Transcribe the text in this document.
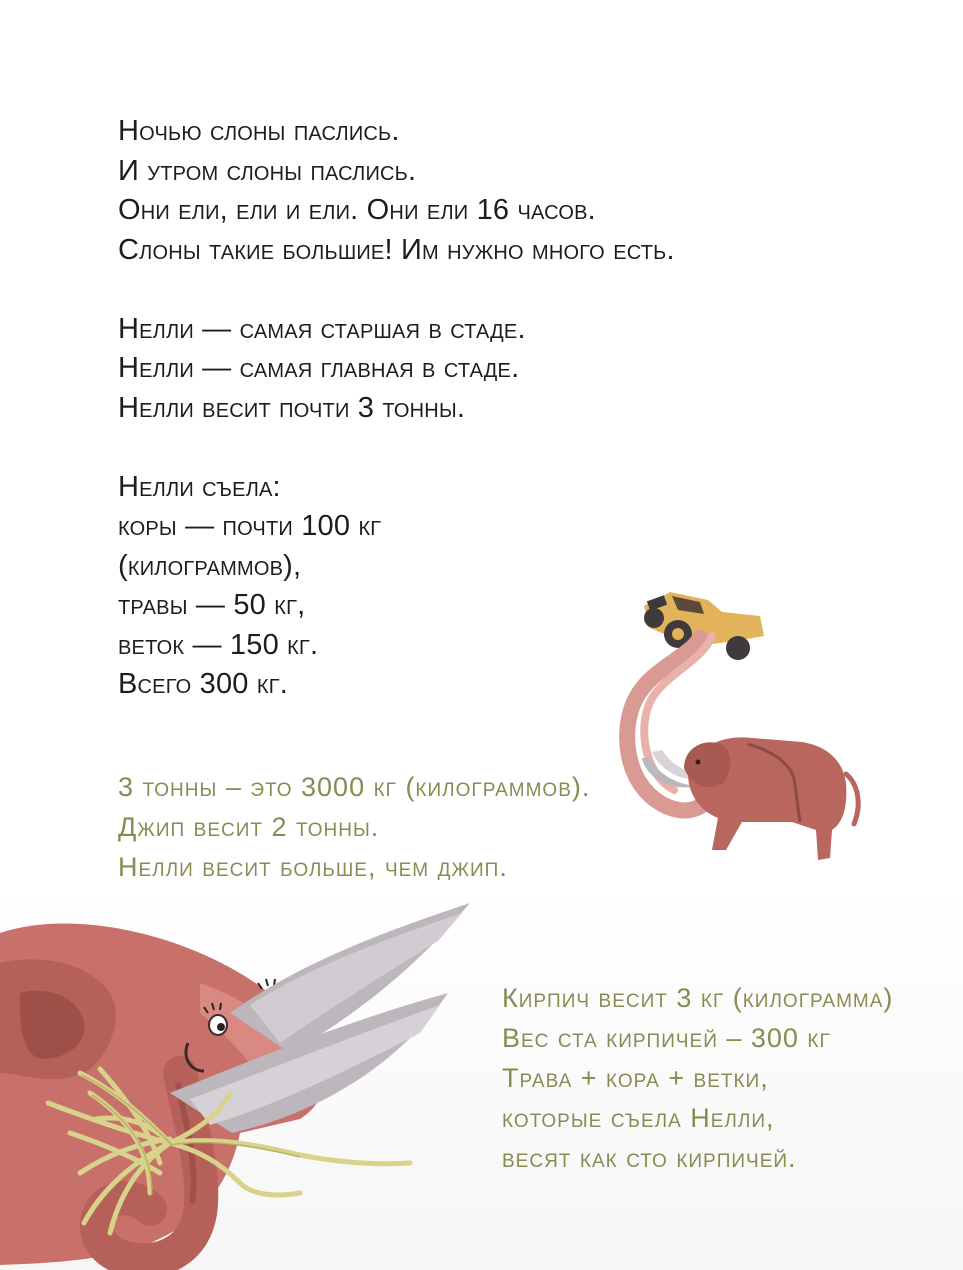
Ночью слоны паслись.
И утром слоны паслись.
Они ели, ели и ели. Они ели 16 часов.
Слоны такие большие! Им нужно много есть.
Нелли — самая старшая в стаде.
Нелли — самая главная в стаде.
Нелли весит почти 3 тонны.
Нелли съела:
коры — почти 100 кг
(килограммов),
травы — 50 кг,
веток — 150 кг.
Всего 300 кг.
3 тонны – это 3000 кг (килограммов).
Джип весит 2 тонны.
Нелли весит больше, чем джип.
Кирпич весит 3 кг (килограмма)
Вес ста кирпичей – 300 кг
Трава + кора + ветки,
которые съела Нелли,
весят как сто кирпичей.
